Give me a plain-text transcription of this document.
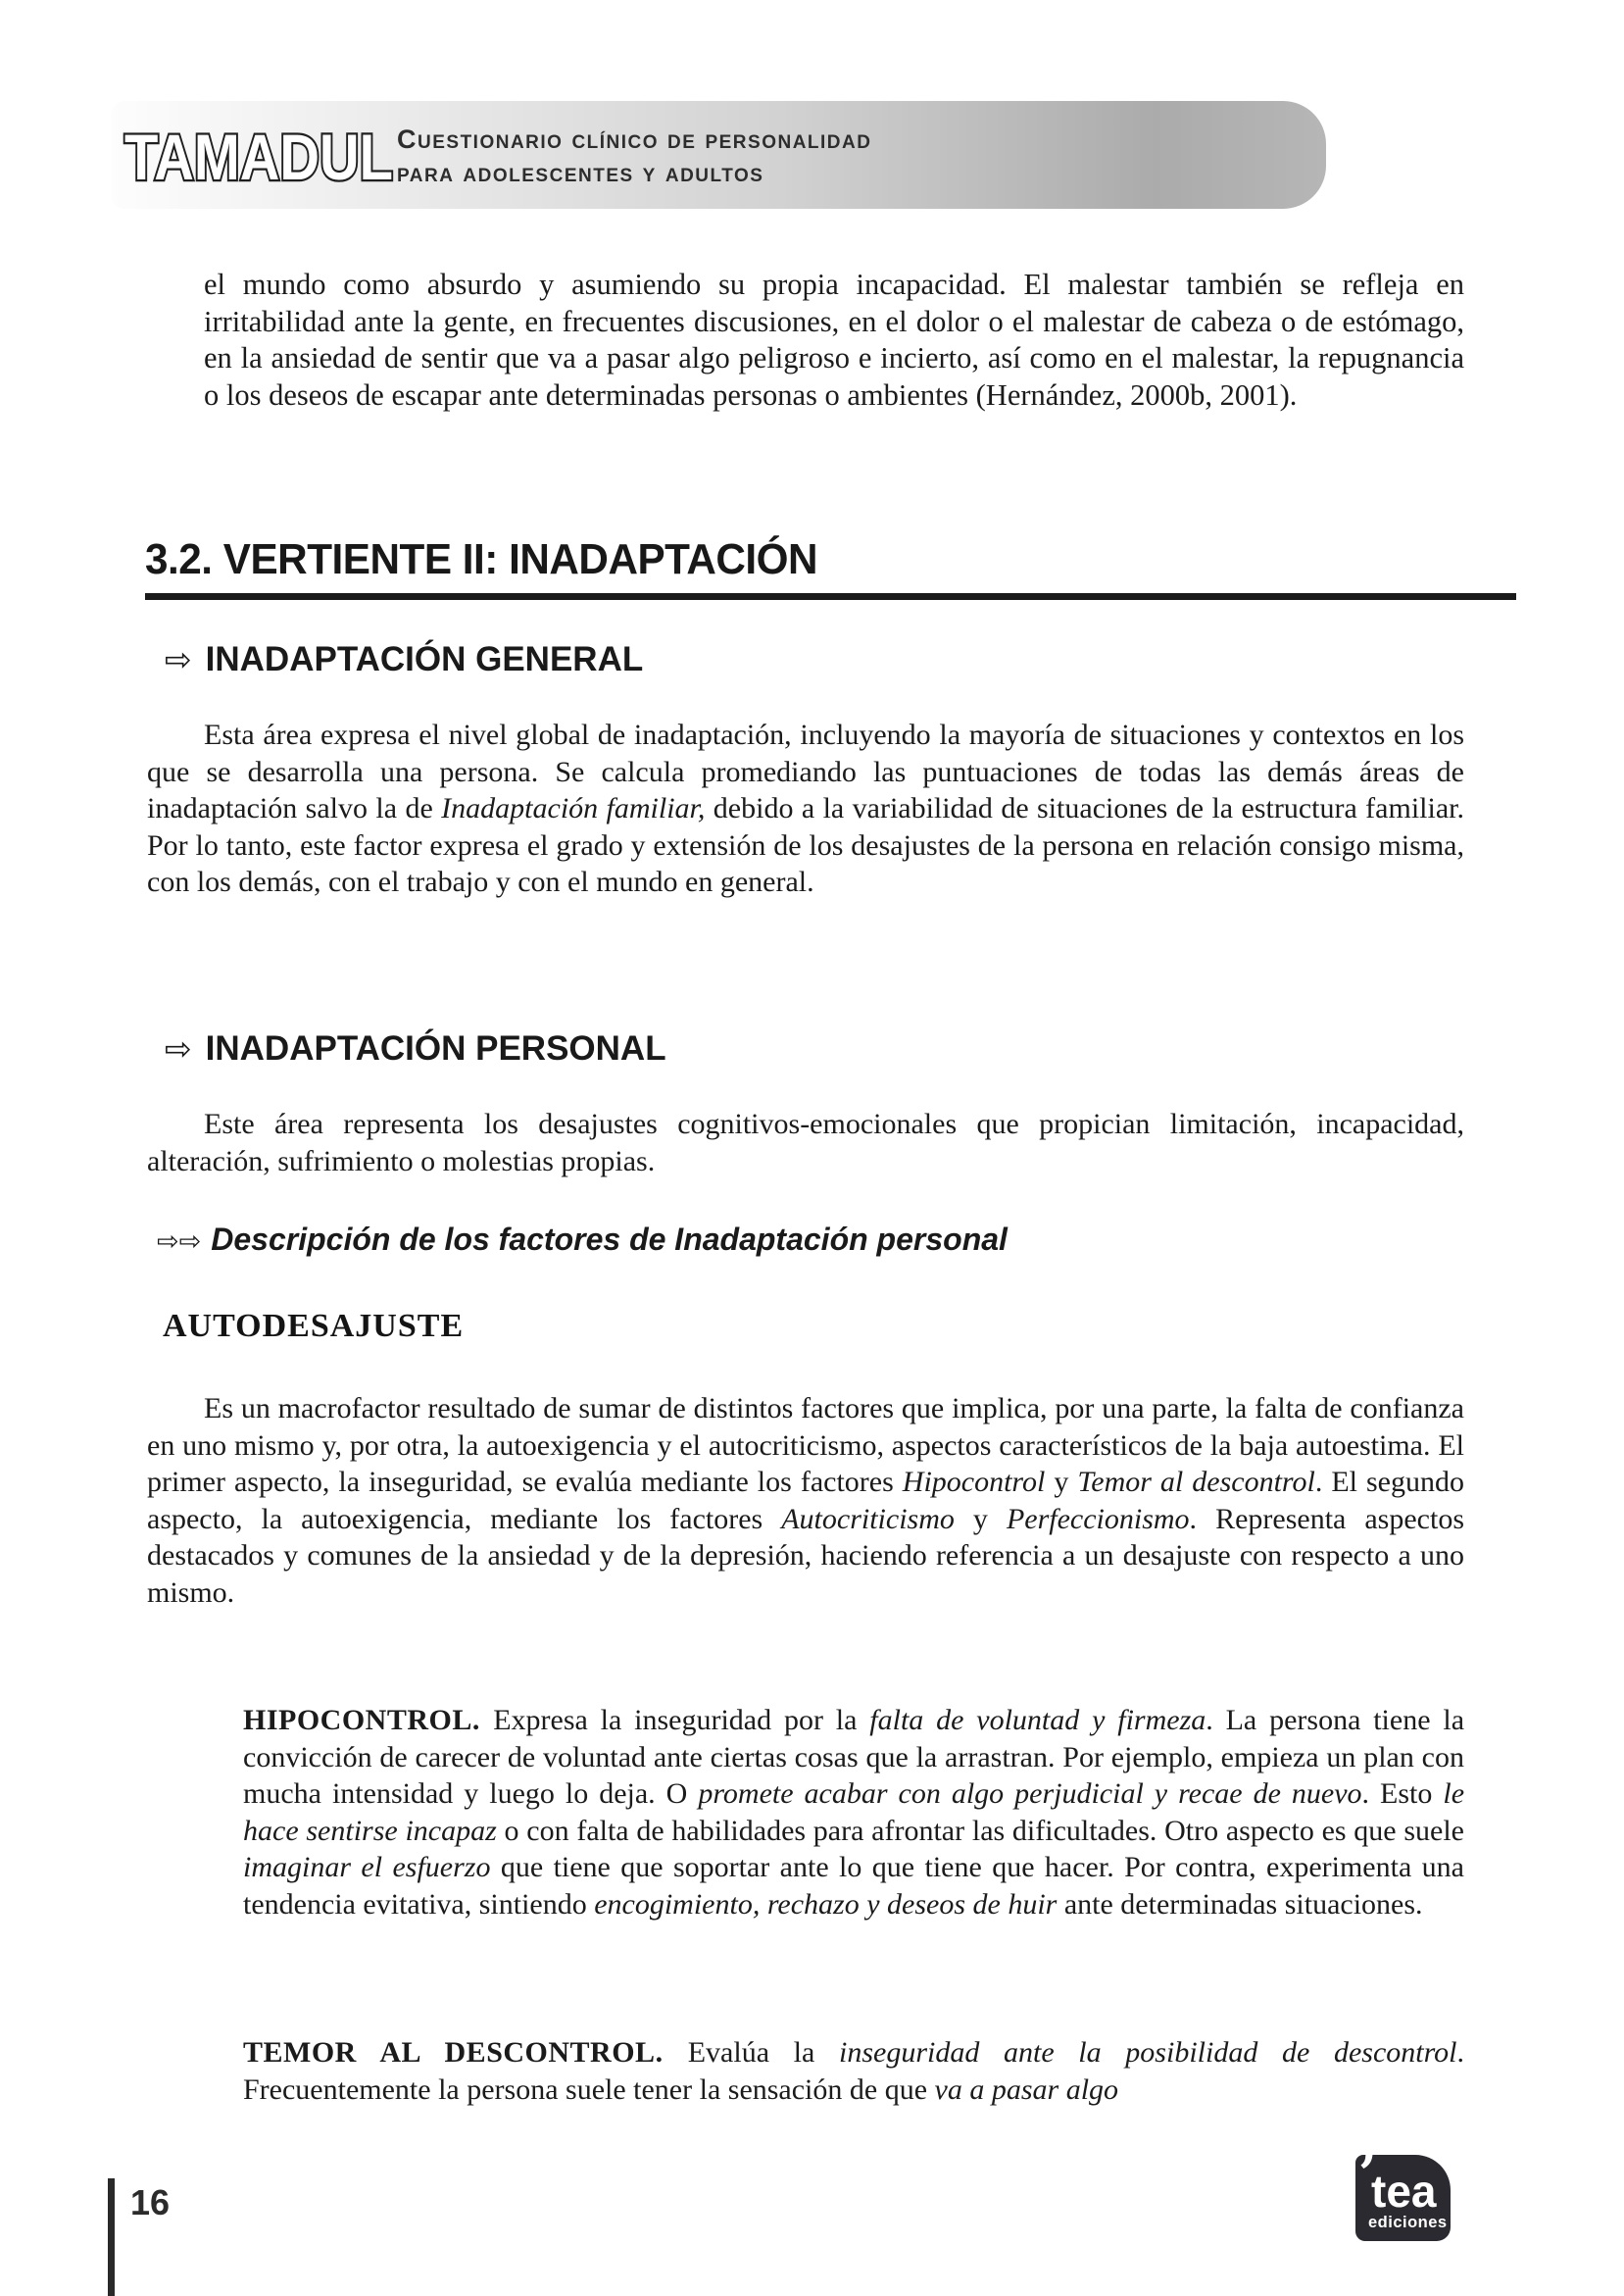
TAMADUL Cuestionario clínico de personalidad
para adolescentes y adultos

el mundo como absurdo y asumiendo su propia incapacidad. El malestar también se refleja en irritabilidad ante la gente, en frecuentes discusiones, en el dolor o el malestar de cabeza o de estómago, en la ansiedad de sentir que va a pasar algo peligroso e incierto, así como en el malestar, la repugnancia o los deseos de escapar ante determinadas personas o ambientes (Hernández, 2000b, 2001).

3.2. VERTIENTE II: INADAPTACIÓN
⇨ INADAPTACIÓN GENERAL

Esta área expresa el nivel global de inadaptación, incluyendo la mayoría de situaciones y contextos en los que se desarrolla una persona. Se calcula promediando las puntuaciones de todas las demás áreas de inadaptación salvo la de Inadaptación familiar, debido a la variabilidad de situaciones de la estructura familiar. Por lo tanto, este factor expresa el grado y extensión de los desajustes de la persona en relación consigo misma, con los demás, con el trabajo y con el mundo en general.

⇨ INADAPTACIÓN PERSONAL

Este área representa los desajustes cognitivos-emocionales que propician limitación, incapacidad, alteración, sufrimiento o molestias propias.

⇨⇨ Descripción de los factores de Inadaptación personal
AUTODESAJUSTE

Es un macrofactor resultado de sumar de distintos factores que implica, por una parte, la falta de confianza en uno mismo y, por otra, la autoexigencia y el autocriticismo, aspectos característicos de la baja autoestima. El primer aspecto, la inseguridad, se evalúa mediante los factores Hipocontrol y Temor al descontrol. El segundo aspecto, la autoexigencia, mediante los factores Autocriticismo y Perfeccionismo. Representa aspectos destacados y comunes de la ansiedad y de la depresión, haciendo referencia a un desajuste con respecto a uno mismo.

HIPOCONTROL. Expresa la inseguridad por la falta de voluntad y firmeza. La persona tiene la convicción de carecer de voluntad ante ciertas cosas que la arrastran. Por ejemplo, empieza un plan con mucha intensidad y luego lo deja. O promete acabar con algo perjudicial y recae de nuevo. Esto le hace sentirse incapaz o con falta de habilidades para afrontar las dificultades. Otro aspecto es que suele imaginar el esfuerzo que tiene que soportar ante lo que tiene que hacer. Por contra, experimenta una tendencia evitativa, sintiendo encogimiento, rechazo y deseos de huir ante determinadas situaciones.

TEMOR AL DESCONTROL. Evalúa la inseguridad ante la posibilidad de descontrol. Frecuentemente la persona suele tener la sensación de que va a pasar algo

16	’
tea
ediciones
